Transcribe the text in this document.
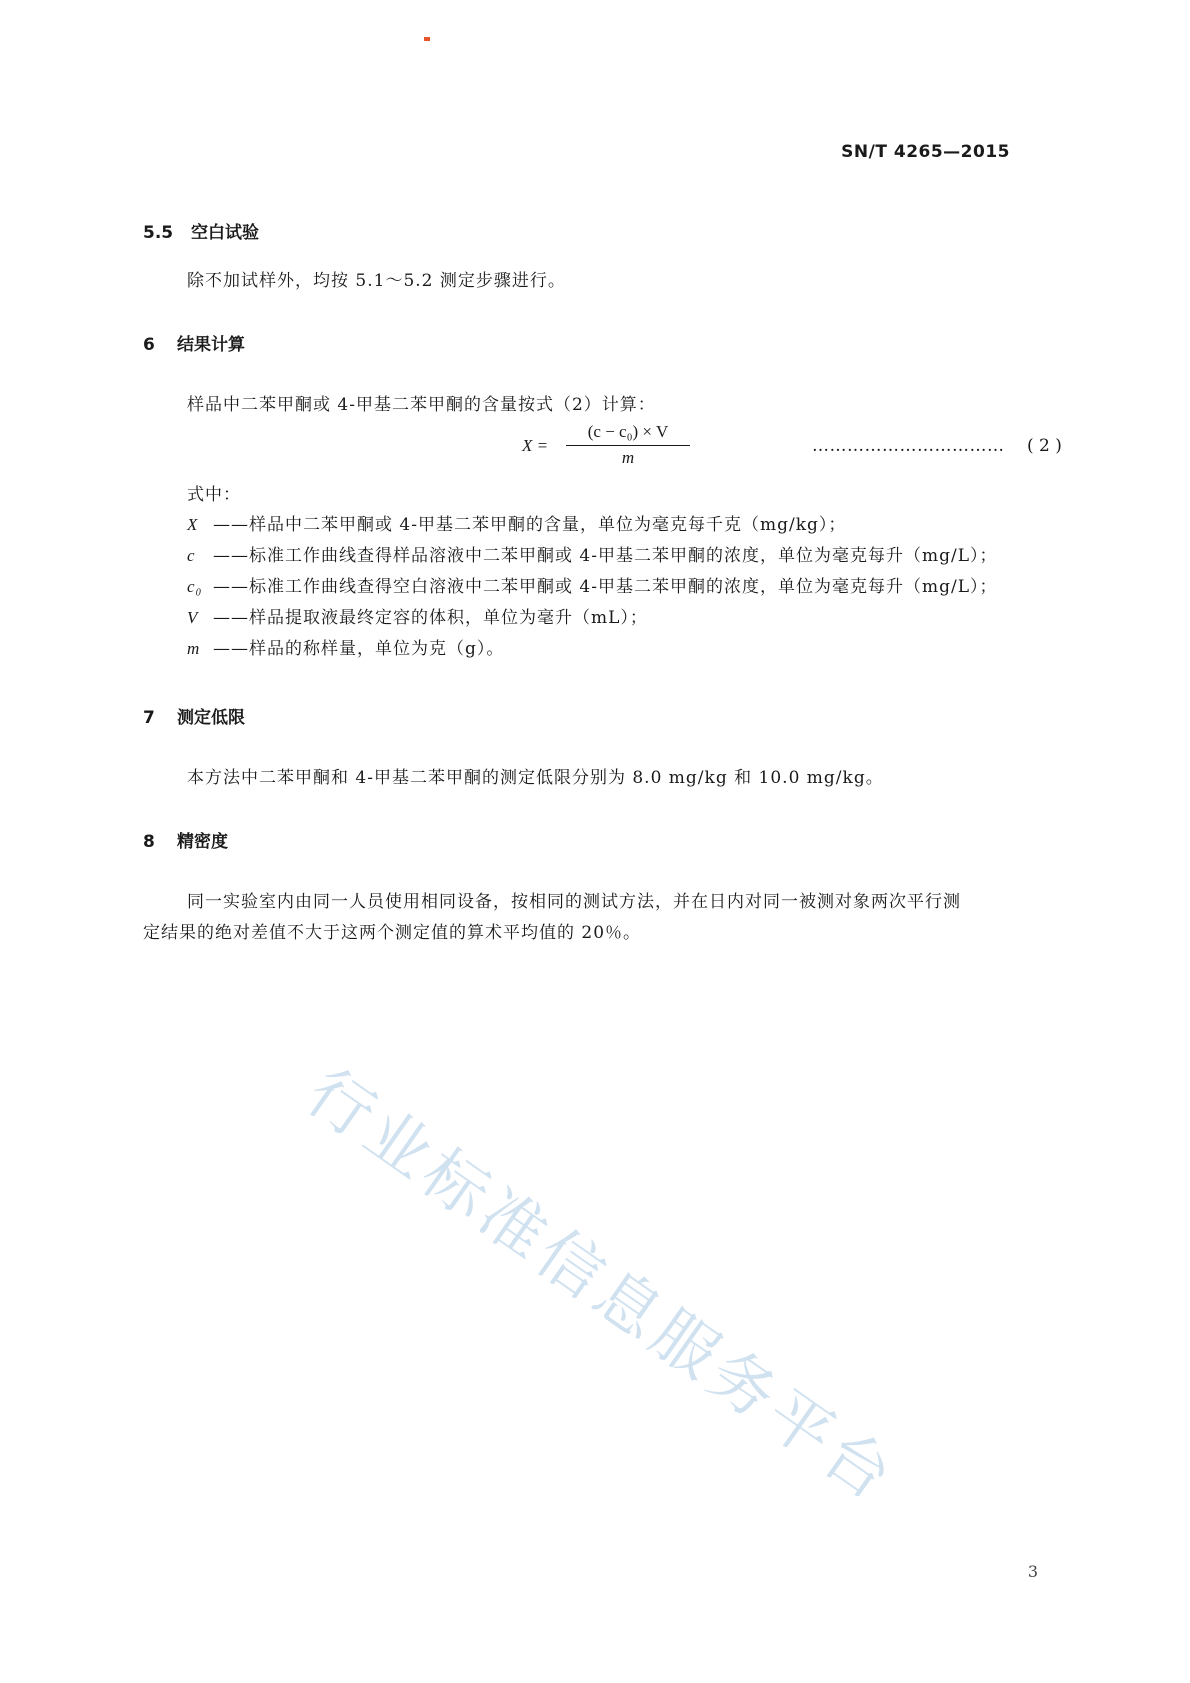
SN/T 4265—2015
5.5 空白试验
除不加试样外，均按 5.1～5.2 测定步骤进行。
6 结果计算
样品中二苯甲酮或 4-甲基二苯甲酮的含量按式（2）计算：
$X = \frac{\text{(c − c₀) × V}}{m}$	…………………………… ( 2 )
式中：
X ——样品中二苯甲酮或 4-甲基二苯甲酮的含量，单位为毫克每千克（mg/kg）；
c ——标准工作曲线查得样品溶液中二苯甲酮或 4-甲基二苯甲酮的浓度，单位为毫克每升（mg/L）；
c₀ ——标准工作曲线查得空白溶液中二苯甲酮或 4-甲基二苯甲酮的浓度，单位为毫克每升（mg/L）；
V ——样品提取液最终定容的体积，单位为毫升（mL）；
m ——样品的称样量，单位为克（g）。
7 测定低限
本方法中二苯甲酮和 4-甲基二苯甲酮的测定低限分别为 8.0 mg/kg 和 10.0 mg/kg。
8 精密度
同一实验室内由同一人员使用相同设备，按相同的测试方法，并在日内对同一被测对象两次平行测
定结果的绝对差值不大于这两个测定值的算术平均值的 20％。
行业标准信息服务平台
3
